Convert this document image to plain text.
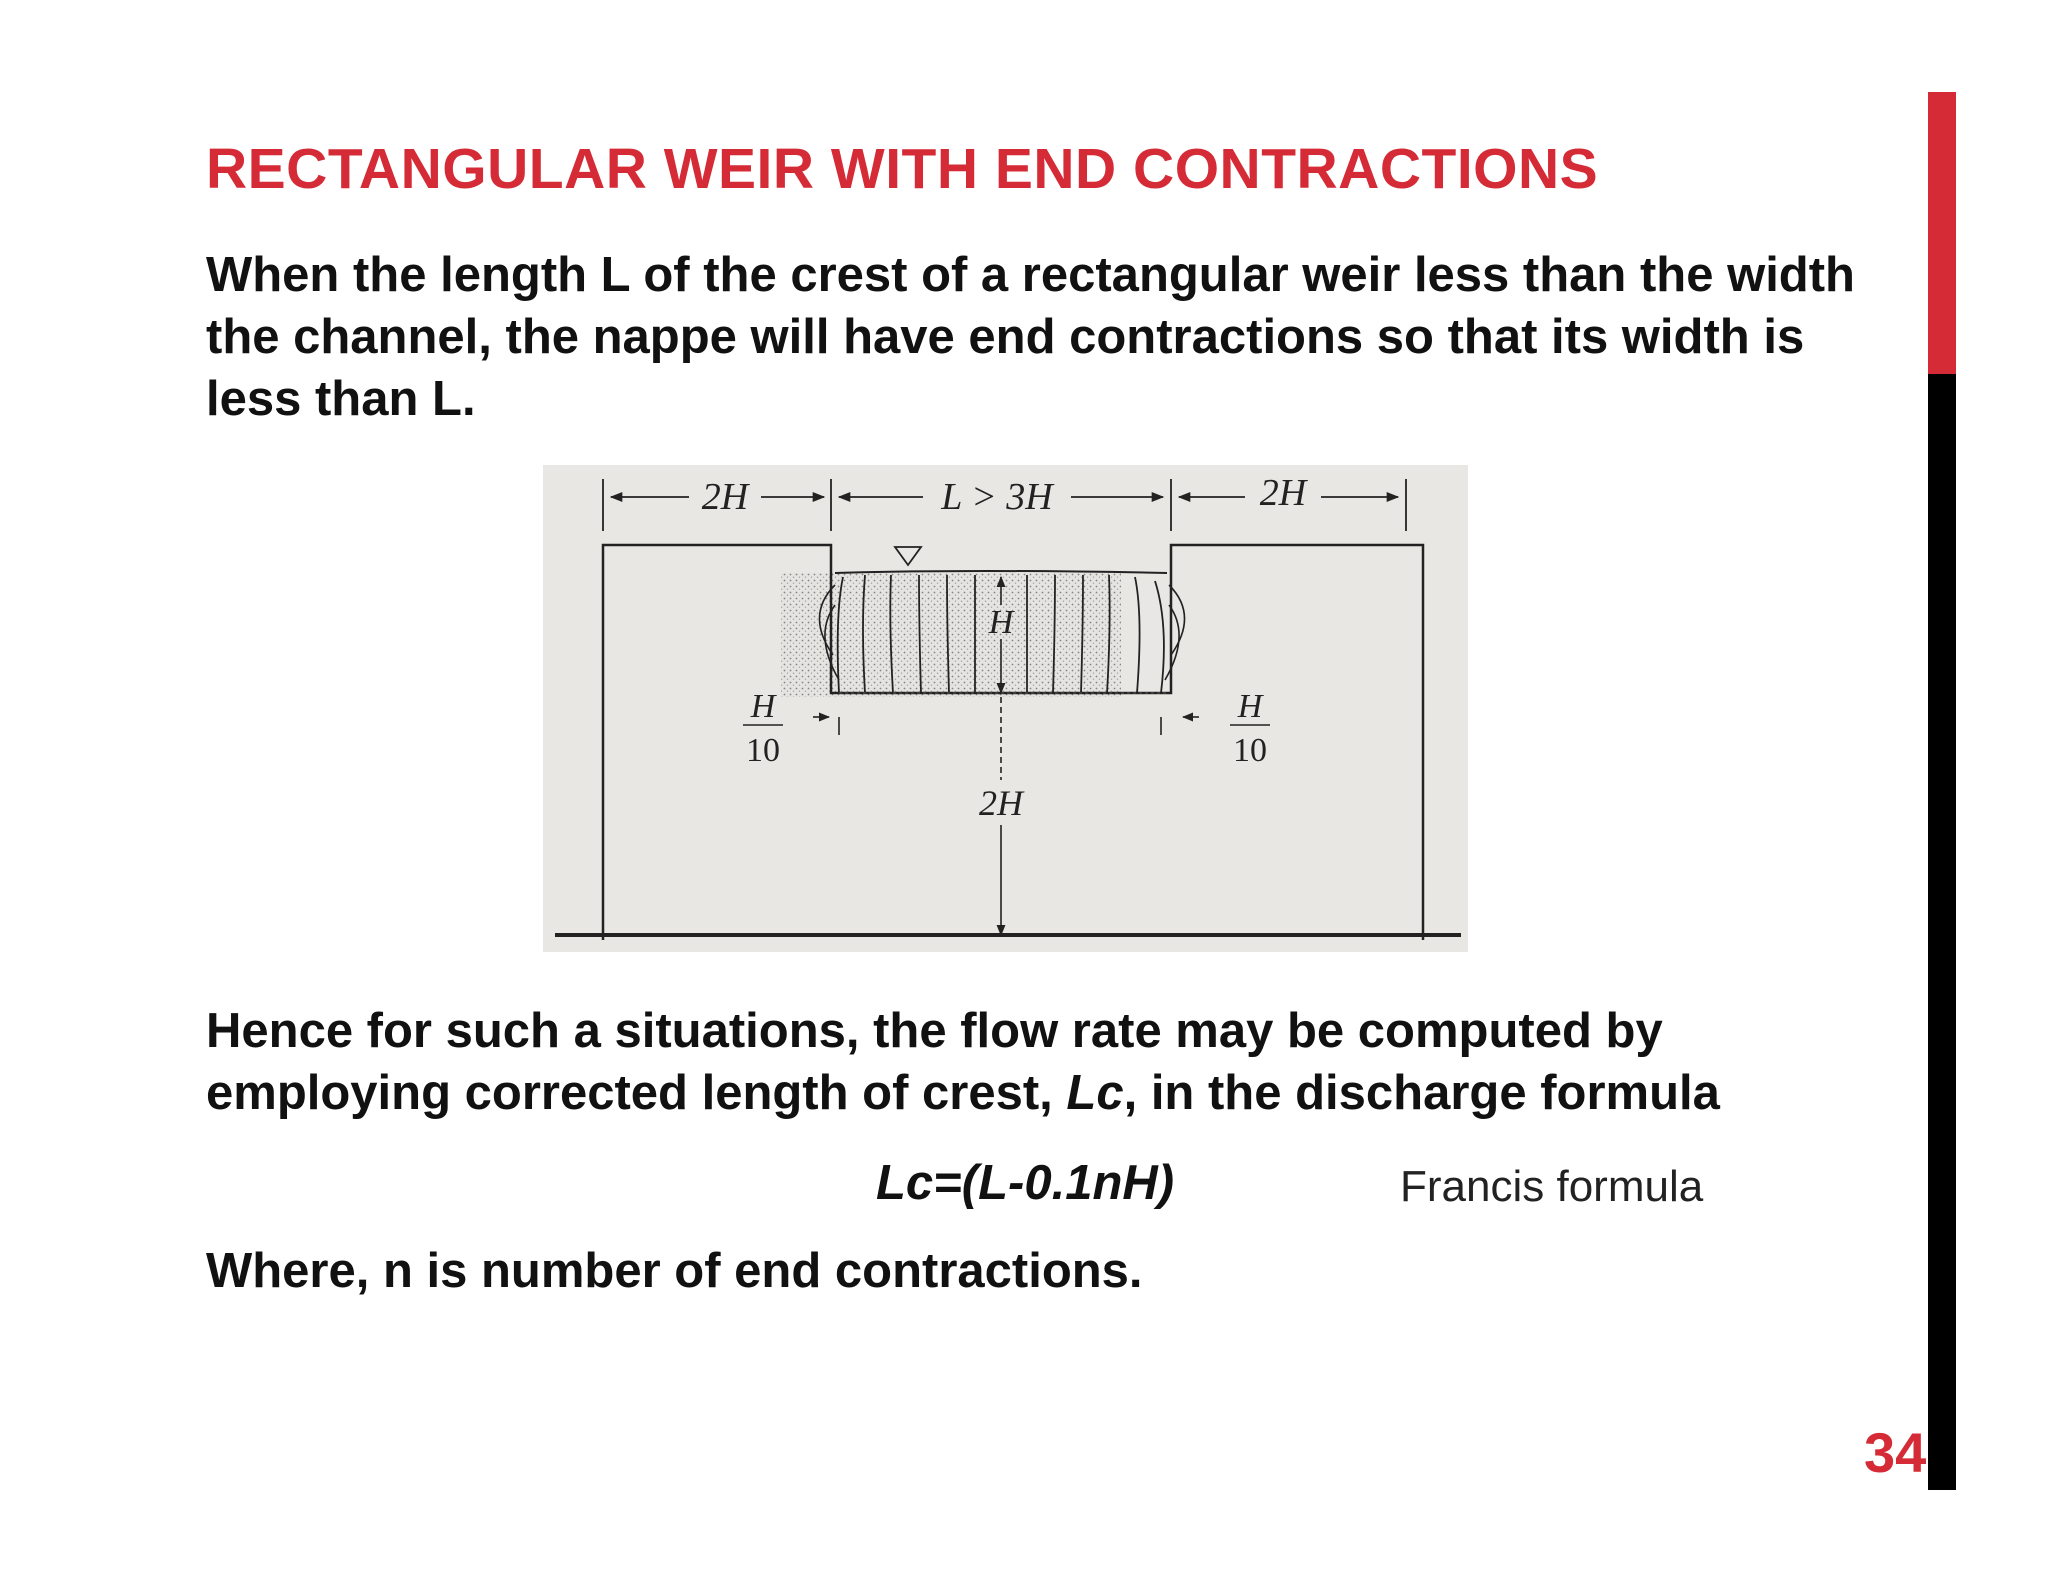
RECTANGULAR WEIR WITH END CONTRACTIONS
When the length L of the crest of a rectangular weir less than the width the channel, the nappe will have end contractions so that its width is less than L.
2H	L > 3H	2H
H
H
10
H
10
2H
Hence for such a situations, the flow rate may be computed by employing corrected length of crest, Lc, in the discharge formula
Lc=(L-0.1nH)	Francis formula
Where, n is number of end contractions.
34
